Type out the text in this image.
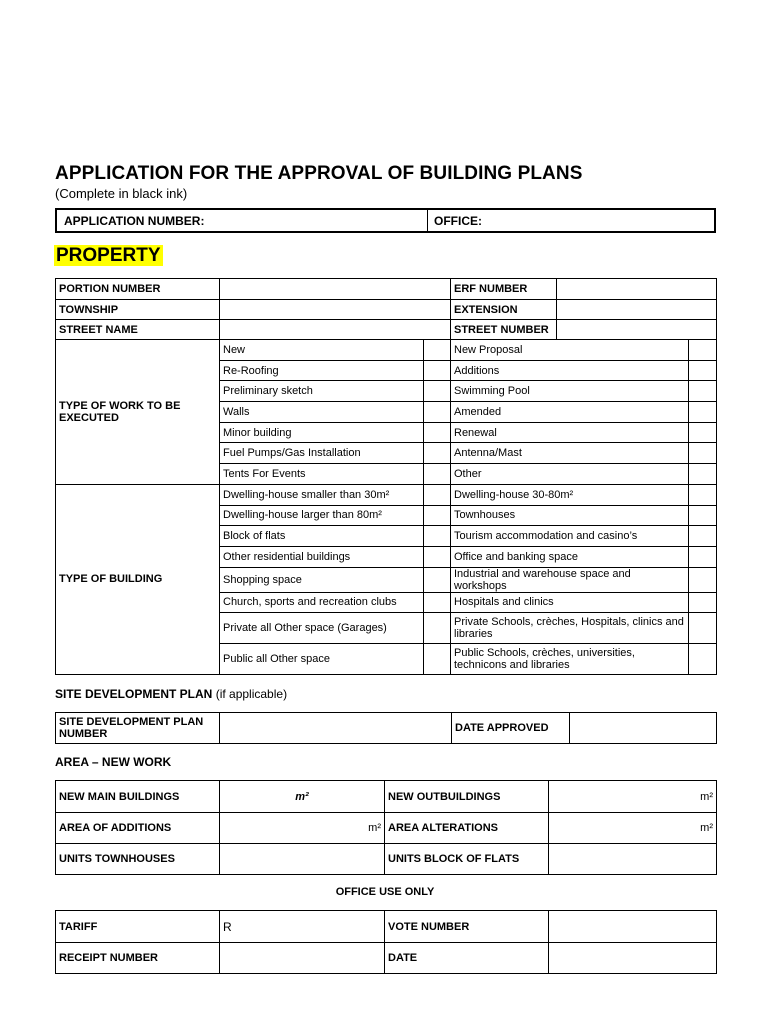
APPLICATION FOR THE APPROVAL OF BUILDING PLANS
(Complete in black ink)
APPLICATION NUMBER:	OFFICE:
PROPERTY
PORTION NUMBER			ERF NUMBER		
TOWNSHIP			EXTENSION		
STREET NAME			STREET NUMBER		
TYPE OF WORK TO BE EXECUTED	New		New Proposal		
	Re-Roofing		Additions		
	Preliminary sketch		Swimming Pool		
	Walls		Amended		
	Minor building		Renewal		
	Fuel Pumps/Gas Installation		Antenna/Mast		
	Tents For Events		Other		
TYPE OF BUILDING	Dwelling-house smaller than 30m²		Dwelling-house 30-80m²		
	Dwelling-house larger than 80m²		Townhouses		
	Block of flats		Tourism accommodation and casino’s		
	Other residential buildings		Office and banking space		
	Shopping space		Industrial and warehouse space and workshops		
	Church, sports and recreation clubs		Hospitals and clinics		
	Private all Other space (Garages)		Private Schools, crèches, Hospitals, clinics and libraries		
	Public all Other space		Public Schools, crèches, universities, technicons and libraries		
SITE DEVELOPMENT PLAN (if applicable)
SITE DEVELOPMENT PLAN NUMBER		DATE APPROVED	
AREA – NEW WORK
NEW MAIN BUILDINGS	m²	NEW OUTBUILDINGS	m²
AREA OF ADDITIONS	m²	AREA ALTERATIONS	m²
UNITS TOWNHOUSES		UNITS BLOCK OF FLATS	
OFFICE USE ONLY
TARIFF	R	VOTE NUMBER	
RECEIPT NUMBER		DATE	
